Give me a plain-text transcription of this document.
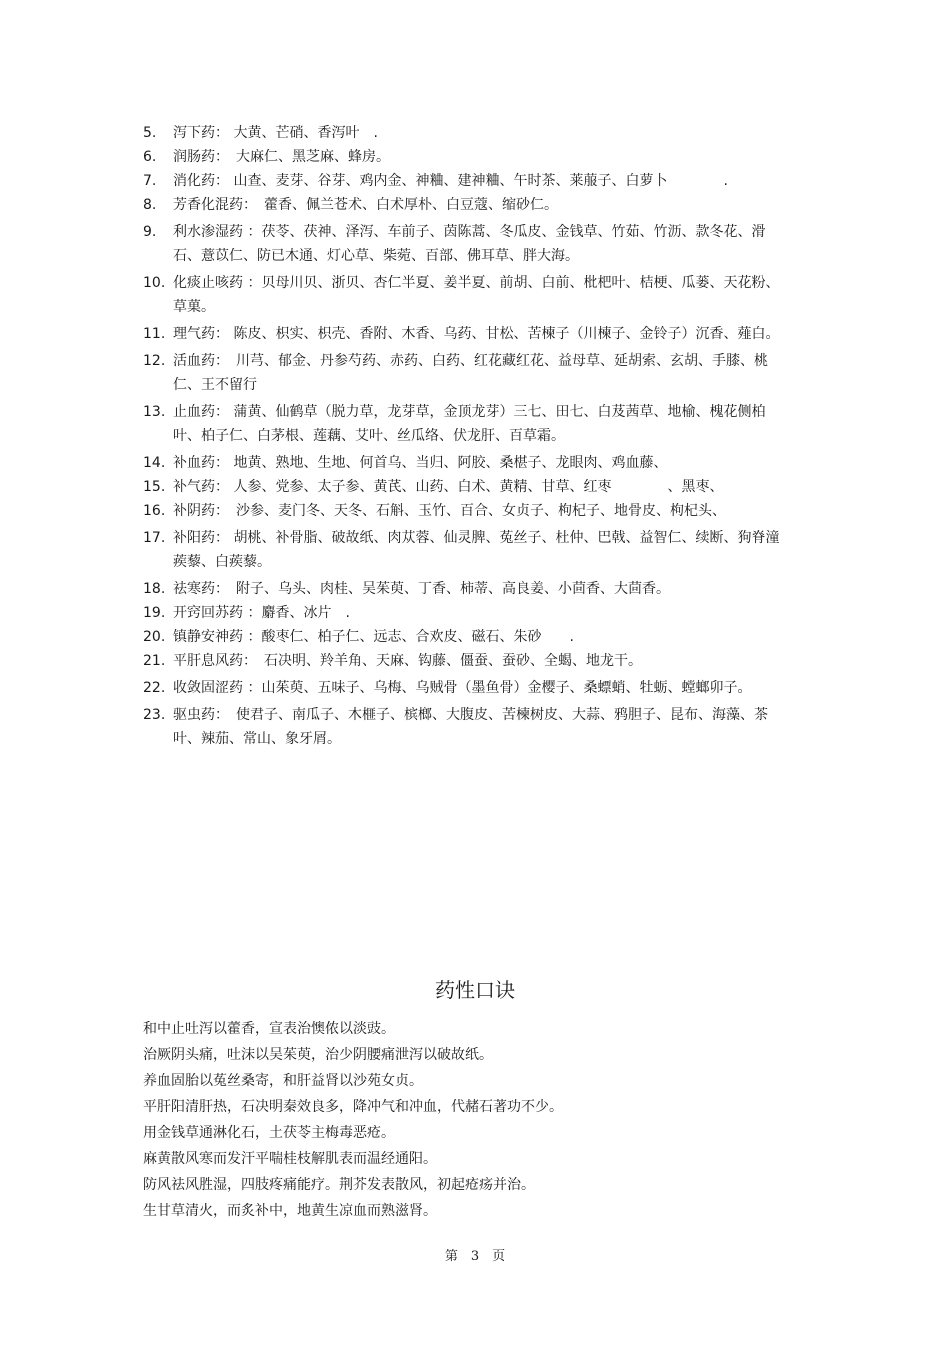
5.	泻下药： 大黄、芒硝、香泻叶　.
6.	润肠药：　大麻仁、黑芝麻、蜂房。
7.	消化药： 山查、麦芽、谷芽、鸡内金、神粬、建神粬、午时茶、莱菔子、白萝卜　　　　.
8.	芳香化混药：　藿香、佩兰苍术、白术厚朴、白豆蔻、缩砂仁。
9.	利水渗湿药 ：茯苓、茯神、泽泻、车前子、茵陈蒿、冬瓜皮、金钱草、竹茹、竹沥、款冬花、滑石、薏苡仁、防已木通、灯心草、柴菀、百部、佛耳草、胖大海。
10. 化痰止咳药 ：贝母川贝、浙贝、杏仁半夏、姜半夏、前胡、白前、枇杷叶、桔梗、瓜蒌、天花粉、草菓。
11. 理气药： 陈皮、枳实、枳壳、香附、木香、乌药、甘松、苦楝子（川楝子、金铃子）沉香、薤白。
12. 活血药：　川芎、郁金、丹参芍药、赤药、白药、红花藏红花、益母草、延胡索、玄胡、手膝、桃仁、王不留行
13. 止血药： 蒲黄、仙鹤草（脱力草，龙芽草，金顶龙芽）三七、田七、白芨茜草、地榆、槐花侧柏叶、柏子仁、白茅根、莲藕、艾叶、丝瓜络、伏龙肝、百草霜。
14. 补血药： 地黄、熟地、生地、何首乌、当归、阿胶、桑椹子、龙眼肉、鸡血藤、
15. 补气药： 人参、党参、太子参、黄芪、山药、白术、黄精、甘草、红枣　　　　、黑枣、
16. 补阴药：　沙参、麦门冬、天冬、石斛、玉竹、百合、女贞子、枸杞子、地骨皮、枸杞头、
17. 补阳药： 胡桃、补骨脂、破故纸、肉苁蓉、仙灵脾、菟丝子、杜仲、巴戟、益智仁、续断、狗脊潼蒺藜、白蒺藜。
18. 祛寒药：　附子、乌头、肉桂、吴茱萸、丁香、柿蒂、高良姜、小茴香、大茴香。
19. 开窍回苏药 ：麝香、冰片　.
20. 镇静安神药 ：酸枣仁、柏子仁、远志、合欢皮、磁石、朱砂　　.
21. 平肝息风药：　石决明、羚羊角、天麻、钩藤、僵蚕、蚕砂、全蝎、地龙干。
22. 收敛固涩药 ：山茱萸、五味子、乌梅、乌贼骨（墨鱼骨）金樱子、桑螵蛸、牡蛎、螳螂卯子。
23. 驱虫药：　使君子、南瓜子、木榧子、槟榔、大腹皮、苦楝树皮、大蒜、鸦胆子、昆布、海藻、茶叶、辣茄、常山、象牙屑。
药性口诀
和中止吐泻以藿香，宣表治懊侬以淡豉。
治厥阴头痛，吐沫以吴茱萸，治少阴腰痛泄泻以破故纸。
养血固胎以菟丝桑寄，和肝益肾以沙苑女贞。
平肝阳清肝热，石决明秦效良多，降冲气和冲血，代赭石著功不少。
用金钱草通淋化石，土茯苓主梅毒恶疮。
麻黄散风寒而发汗平喘桂枝解肌表而温经通阳。
防风祛风胜湿，四肢疼痛能疗。荆芥发表散风，初起疮疡并治。
生甘草清火，而炙补中，地黄生凉血而熟滋肾。
第　3　页
